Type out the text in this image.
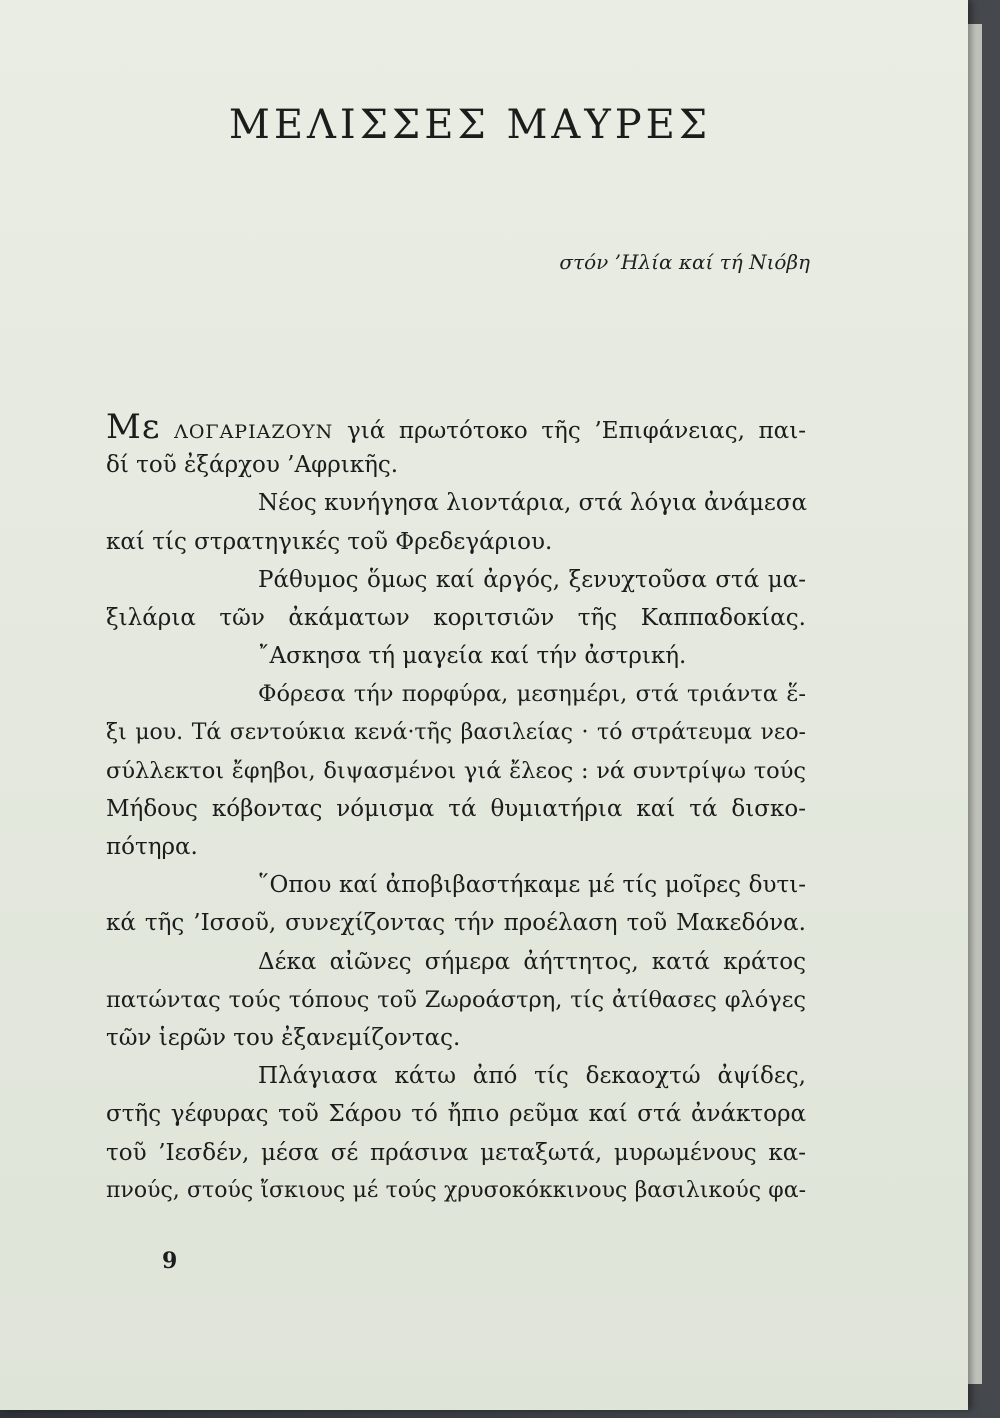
ΜΕΛΙΣΣΕΣ ΜΑΥΡΕΣ
στόν ’Ηλία καί τή Νιόβη
Με ΛΟΓΑΡΙΑΖΟΥΝ γιά πρωτότοκο τῆς ’Επιφάνειας, παι-
δί τοῦ ἐξάρχου ’Αφρικῆς.
Νέος κυνήγησα λιοντάρια, στά λόγια ἀνάμεσα
καί τίς στρατηγικές τοῦ Φρεδεγάριου.
Ράθυμος ὅμως καί ἀργός, ξενυχτοῦσα στά μα-
ξιλάρια τῶν ἀκάματων κοριτσιῶν τῆς Καππαδοκίας.
῎Ασκησα τή μαγεία καί τήν ἀστρική.
Φόρεσα τήν πορφύρα, μεσημέρι, στά τριάντα ἕ-
ξι μου. Τά σεντούκια κενά·τῆς βασιλείας · τό στράτευμα νεο-
σύλλεκτοι ἔφηβοι, διψασμένοι γιά ἔλεος : νά συντρίψω τούς
Μήδους κόβοντας νόμισμα τά θυμιατήρια καί τά δισκο-
πότηρα.
῞Οπου καί ἀποβιβαστήκαμε μέ τίς μοῖρες δυτι-
κά τῆς ’Ισσοῦ, συνεχίζοντας τήν προέλαση τοῦ Μακεδόνα.
Δέκα αἰῶνες σήμερα ἀήττητος, κατά κράτος
πατώντας τούς τόπους τοῦ Ζωροάστρη, τίς ἀτίθασες φλόγες
τῶν ἱερῶν του ἐξανεμίζοντας.
Πλάγιασα κάτω ἀπό τίς δεκαοχτώ ἀψίδες,
στῆς γέφυρας τοῦ Σάρου τό ἤπιο ρεῦμα καί στά ἀνάκτορα
τοῦ ’Ιεσδέν, μέσα σέ πράσινα μεταξωτά, μυρωμένους κα-
πνούς, στούς ἴσκιους μέ τούς χρυσοκόκκινους βασιλικούς φα-
9
